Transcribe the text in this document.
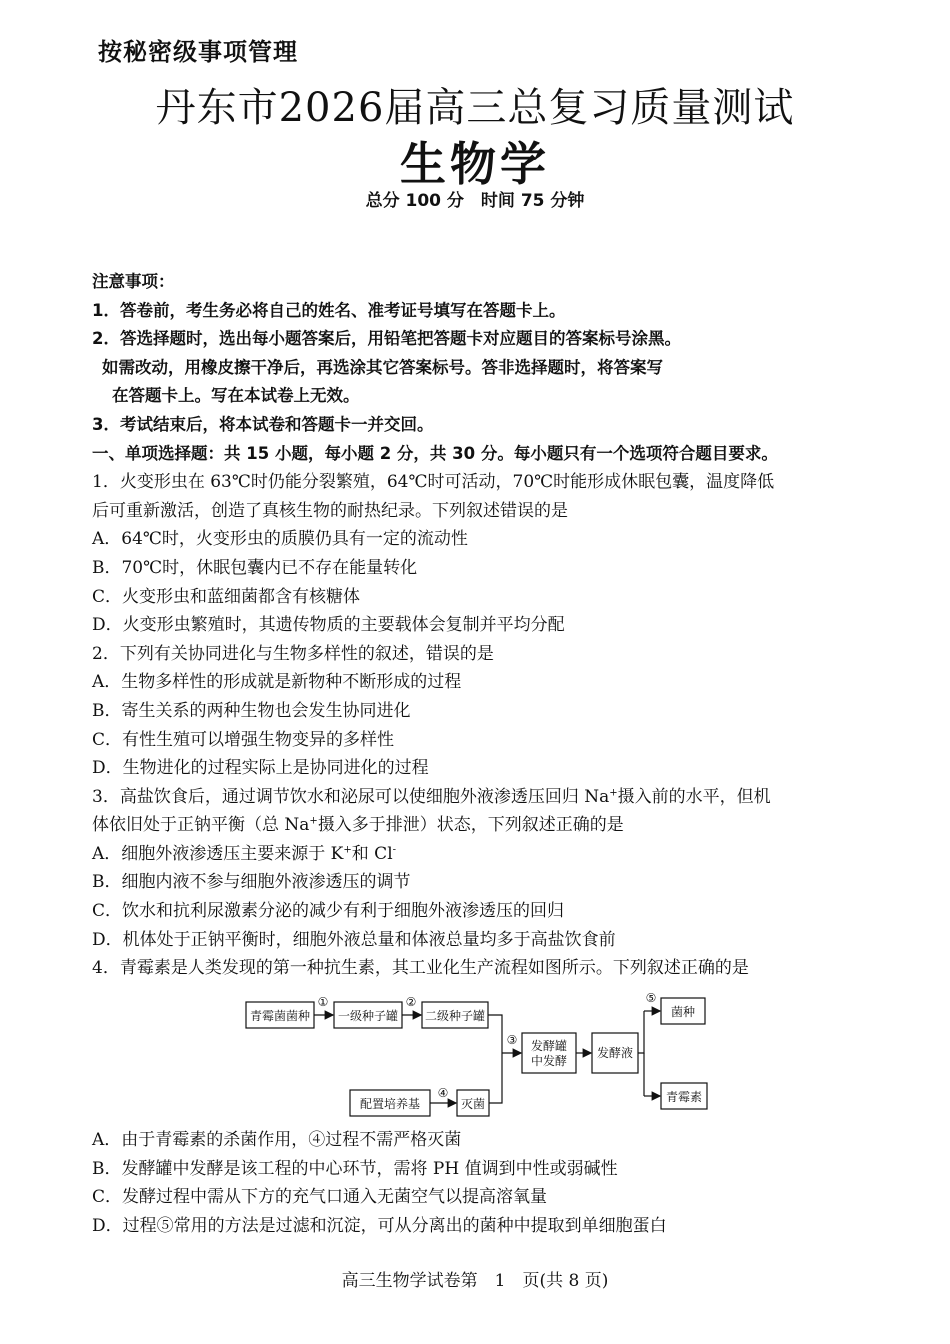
按秘密级事项管理
丹东市2026届高三总复习质量测试
生物学
总分 100 分　时间 75 分钟
注意事项：
1．答卷前，考生务必将自己的姓名、准考证号填写在答题卡上。
2．答选择题时，选出每小题答案后，用铅笔把答题卡对应题目的答案标号涂黑。
如需改动，用橡皮擦干净后，再选涂其它答案标号。答非选择题时，将答案写
在答题卡上。写在本试卷上无效。
3．考试结束后，将本试卷和答题卡一并交回。
一、单项选择题：共 15 小题，每小题 2 分，共 30 分。每小题只有一个选项符合题目要求。
1．火变形虫在 63℃时仍能分裂繁殖，64℃时可活动，70℃时能形成休眠包囊，温度降低
后可重新激活，创造了真核生物的耐热纪录。下列叙述错误的是
A．64℃时，火变形虫的质膜仍具有一定的流动性
B．70℃时，休眠包囊内已不存在能量转化
C．火变形虫和蓝细菌都含有核糖体
D．火变形虫繁殖时，其遗传物质的主要载体会复制并平均分配
2．下列有关协同进化与生物多样性的叙述，错误的是
A．生物多样性的形成就是新物种不断形成的过程
B．寄生关系的两种生物也会发生协同进化
C．有性生殖可以增强生物变异的多样性
D．生物进化的过程实际上是协同进化的过程
3．高盐饮食后，通过调节饮水和泌尿可以使细胞外液渗透压回归 Na+摄入前的水平，但机
体依旧处于正钠平衡（总 Na+摄入多于排泄）状态，下列叙述正确的是
A．细胞外液渗透压主要来源于 K+和 Cl-
B．细胞内液不参与细胞外液渗透压的调节
C．饮水和抗利尿激素分泌的减少有利于细胞外液渗透压的回归
D．机体处于正钠平衡时，细胞外液总量和体液总量均多于高盐饮食前
4．青霉素是人类发现的第一种抗生素，其工业化生产流程如图所示。下列叙述正确的是
青霉菌菌种 一级种子罐 二级种子罐
发酵罐
中发酵
发酵液
菌种
青霉素
配置培养基	灭菌
①	②
③
④
⑤
A．由于青霉素的杀菌作用，④过程不需严格灭菌
B．发酵罐中发酵是该工程的中心环节，需将 PH 值调到中性或弱碱性
C．发酵过程中需从下方的充气口通入无菌空气以提高溶氧量
D．过程⑤常用的方法是过滤和沉淀，可从分离出的菌种中提取到单细胞蛋白
高三生物学试卷第　1　页(共 8 页)
